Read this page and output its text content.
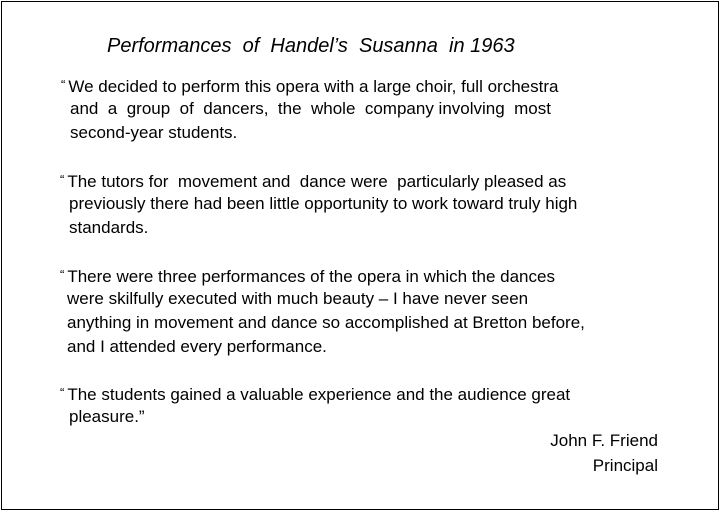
Performances  of  Handel’s  Susanna  in 1963
“ We decided to perform this opera with a large choir, full orchestra
and  a  group  of  dancers,  the  whole  company involving  most
second-year students.
“ The tutors for  movement and  dance were  particularly pleased as
previously there had been little opportunity to work toward truly high
standards.
“ There were three performances of the opera in which the dances
were skilfully executed with much beauty – I have never seen
anything in movement and dance so accomplished at Bretton before,
and I attended every performance.
“ The students gained a valuable experience and the audience great
pleasure.”
John F. Friend
Principal
